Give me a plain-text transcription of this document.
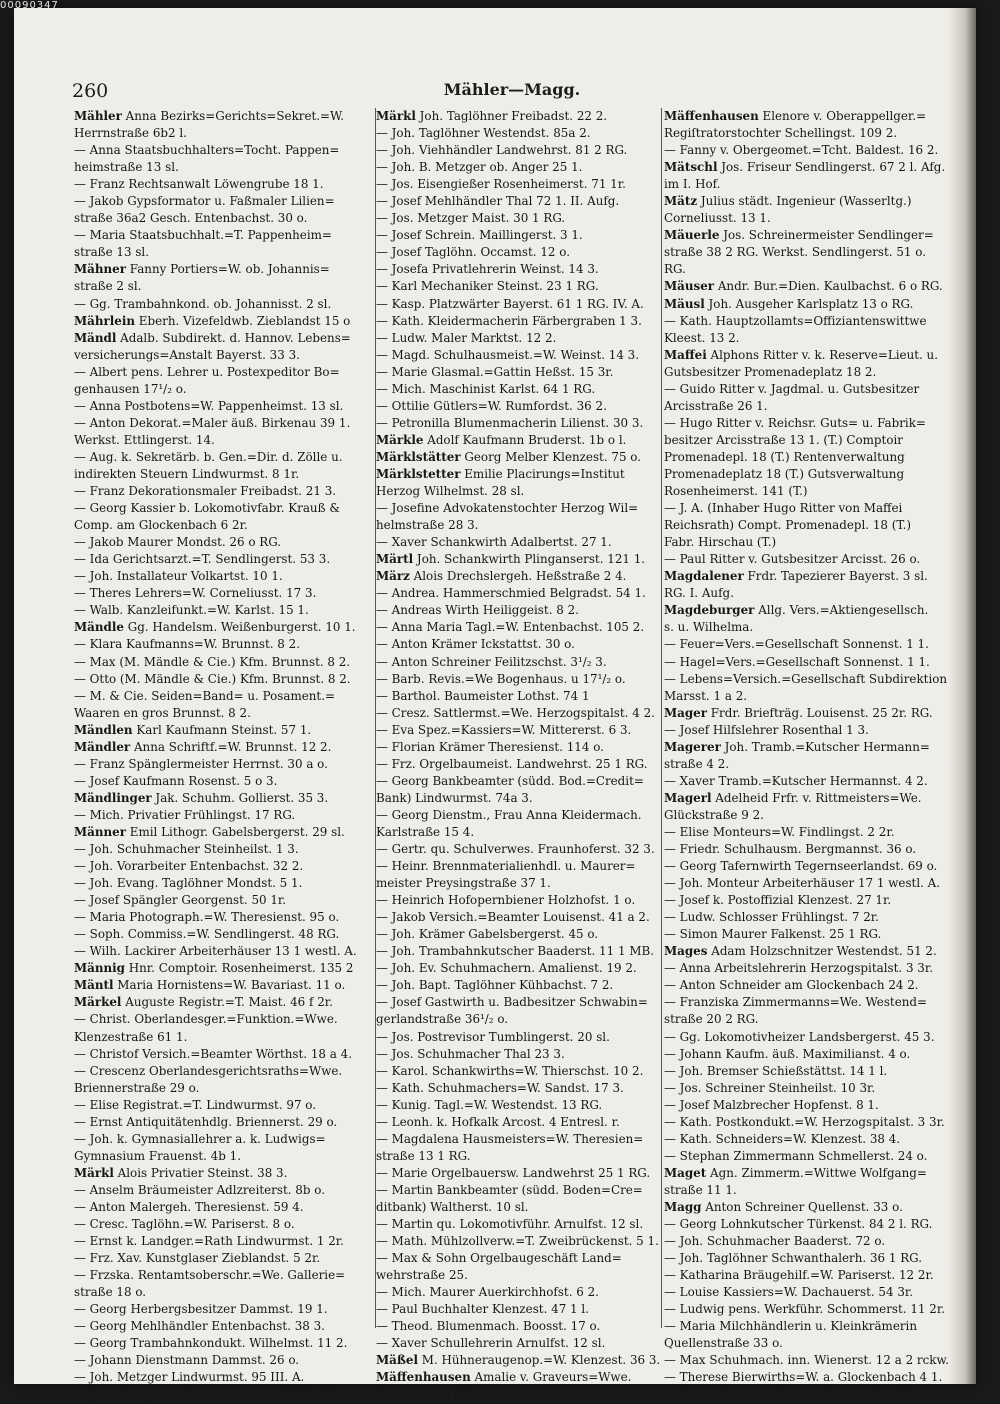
260	Mähler—Magg.
Mähler Anna Bezirks=Gerichts=Sekret.=W.
Herrnstraße 6b2 l.
— Anna Staatsbuchhalters=Tocht. Pappen=
heimstraße 13 sl.
— Franz Rechtsanwalt Löwengrube 18 1.
— Jakob Gypsformator u. Faßmaler Lilien=
straße 36a2 Gesch. Entenbachst. 30 o.
— Maria Staatsbuchhalt.=T. Pappenheim=
straße 13 sl.
Mähner Fanny Portiers=W. ob. Johannis=
straße 2 sl.
— Gg. Trambahnkond. ob. Johannisst. 2 sl.
Mährlein Eberh. Vizefeldwb. Zieblandst 15 o
Mändl Adalb. Subdirekt. d. Hannov. Lebens=
versicherungs=Anstalt Bayerst. 33 3.
— Albert pens. Lehrer u. Postexpeditor Bo=
genhausen 17¹/₂ o.
— Anna Postbotens=W. Pappenheimst. 13 sl.
— Anton Dekorat.=Maler äuß. Birkenau 39 1.
Werkst. Ettlingerst. 14.
— Aug. k. Sekretärb. b. Gen.=Dir. d. Zölle u.
indirekten Steuern Lindwurmst. 8 1r.
— Franz Dekorationsmaler Freibadst. 21 3.
— Georg Kassier b. Lokomotivfabr. Krauß &
Comp. am Glockenbach 6 2r.
— Jakob Maurer Mondst. 26 o RG.
— Ida Gerichtsarzt.=T. Sendlingerst. 53 3.
— Joh. Installateur Volkartst. 10 1.
— Theres Lehrers=W. Corneliusst. 17 3.
— Walb. Kanzleifunkt.=W. Karlst. 15 1.
Mändle Gg. Handelsm. Weißenburgerst. 10 1.
— Klara Kaufmanns=W. Brunnst. 8 2.
— Max (M. Mändle & Cie.) Kfm. Brunnst. 8 2.
— Otto (M. Mändle & Cie.) Kfm. Brunnst. 8 2.
— M. & Cie. Seiden=Band= u. Posament.=
Waaren en gros Brunnst. 8 2.
Mändlen Karl Kaufmann Steinst. 57 1.
Mändler Anna Schriftf.=W. Brunnst. 12 2.
— Franz Spänglermeister Herrnst. 30 a o.
— Josef Kaufmann Rosenst. 5 o 3.
Mändlinger Jak. Schuhm. Gollierst. 35 3.
— Mich. Privatier Frühlingst. 17 RG.
Männer Emil Lithogr. Gabelsbergerst. 29 sl.
— Joh. Schuhmacher Steinheilst. 1 3.
— Joh. Vorarbeiter Entenbachst. 32 2.
— Joh. Evang. Taglöhner Mondst. 5 1.
— Josef Spängler Georgenst. 50 1r.
— Maria Photograph.=W. Theresienst. 95 o.
— Soph. Commiss.=W. Sendlingerst. 48 RG.
— Wilh. Lackirer Arbeiterhäuser 13 1 westl. A.
Männig Hnr. Comptoir. Rosenheimerst. 135 2
Mäntl Maria Hornistens=W. Bavariast. 11 o.
Märkel Auguste Registr.=T. Maist. 46 f 2r.
— Christ. Oberlandesger.=Funktion.=Wwe.
Klenzestraße 61 1.
— Christof Versich.=Beamter Wörthst. 18 a 4.
— Crescenz Oberlandesgerichtsraths=Wwe.
Briennerstraße 29 o.
— Elise Registrat.=T. Lindwurmst. 97 o.
— Ernst Antiquitätenhdlg. Briennerst. 29 o.
— Joh. k. Gymnasiallehrer a. k. Ludwigs=
Gymnasium Frauenst. 4b 1.
Märkl Alois Privatier Steinst. 38 3.
— Anselm Bräumeister Adlzreiterst. 8b o.
— Anton Malergeh. Theresienst. 59 4.
— Cresc. Taglöhn.=W. Pariserst. 8 o.
— Ernst k. Landger.=Rath Lindwurmst. 1 2r.
— Frz. Xav. Kunstglaser Zieblandst. 5 2r.
— Frzska. Rentamtsoberschr.=We. Gallerie=
straße 18 o.
— Georg Herbergsbesitzer Dammst. 19 1.
— Georg Mehlhändler Entenbachst. 38 3.
— Georg Trambahnkondukt. Wilhelmst. 11 2.
— Johann Dienstmann Dammst. 26 o.
— Joh. Metzger Lindwurmst. 95 III. A.
— Joh. Oberjäger Rosenheimerst. 123 2 RG.
Märkl Joh. Taglöhner Freibadst. 22 2.
— Joh. Taglöhner Westendst. 85a 2.
— Joh. Viehhändler Landwehrst. 81 2 RG.
— Joh. B. Metzger ob. Anger 25 1.
— Jos. Eisengießer Rosenheimerst. 71 1r.
— Josef Mehlhändler Thal 72 1. II. Aufg.
— Jos. Metzger Maist. 30 1 RG.
— Josef Schrein. Maillingerst. 3 1.
— Josef Taglöhn. Occamst. 12 o.
— Josefa Privatlehrerin Weinst. 14 3.
— Karl Mechaniker Steinst. 23 1 RG.
— Kasp. Platzwärter Bayerst. 61 1 RG. IV. A.
— Kath. Kleidermacherin Färbergraben 1 3.
— Ludw. Maler Marktst. 12 2.
— Magd. Schulhausmeist.=W. Weinst. 14 3.
— Marie Glasmal.=Gattin Heßst. 15 3r.
— Mich. Maschinist Karlst. 64 1 RG.
— Ottilie Gütlers=W. Rumfordst. 36 2.
— Petronilla Blumenmacherin Lilienst. 30 3.
Märkle Adolf Kaufmann Bruderst. 1b o l.
Märklstätter Georg Melber Klenzest. 75 o.
Märklstetter Emilie Placirungs=Institut
Herzog Wilhelmst. 28 sl.
— Josefine Advokatenstochter Herzog Wil=
helmstraße 28 3.
— Xaver Schankwirth Adalbertst. 27 1.
Märtl Joh. Schankwirth Plinganserst. 121 1.
März Alois Drechslergeh. Heßstraße 2 4.
— Andrea. Hammerschmied Belgradst. 54 1.
— Andreas Wirth Heiliggeist. 8 2.
— Anna Maria Tagl.=W. Entenbachst. 105 2.
— Anton Krämer Ickstattst. 30 o.
— Anton Schreiner Feilitzschst. 3¹/₂ 3.
— Barb. Revis.=We Bogenhaus. u 17¹/₂ o.
— Barthol. Baumeister Lothst. 74 1
— Cresz. Sattlermst.=We. Herzogspitalst. 4 2.
— Eva Spez.=Kassiers=W. Mittererst. 6 3.
— Florian Krämer Theresienst. 114 o.
— Frz. Orgelbaumeist. Landwehrst. 25 1 RG.
— Georg Bankbeamter (südd. Bod.=Credit=
Bank) Lindwurmst. 74a 3.
— Georg Dienstm., Frau Anna Kleidermach.
Karlstraße 15 4.
— Gertr. qu. Schulverwes. Fraunhoferst. 32 3.
— Heinr. Brennmaterialienhdl. u. Maurer=
meister Preysingstraße 37 1.
— Heinrich Hofopernbiener Holzhofst. 1 o.
— Jakob Versich.=Beamter Louisenst. 41 a 2.
— Joh. Krämer Gabelsbergerst. 45 o.
— Joh. Trambahnkutscher Baaderst. 11 1 MB.
— Joh. Ev. Schuhmachern. Amalienst. 19 2.
— Joh. Bapt. Taglöhner Kühbachst. 7 2.
— Josef Gastwirth u. Badbesitzer Schwabin=
gerlandstraße 36¹/₂ o.
— Jos. Postrevisor Tumblingerst. 20 sl.
— Jos. Schuhmacher Thal 23 3.
— Karol. Schankwirths=W. Thierschst. 10 2.
— Kath. Schuhmachers=W. Sandst. 17 3.
— Kunig. Tagl.=W. Westendst. 13 RG.
— Leonh. k. Hofkalk Arcost. 4 Entresl. r.
— Magdalena Hausmeisters=W. Theresien=
straße 13 1 RG.
— Marie Orgelbauersw. Landwehrst 25 1 RG.
— Martin Bankbeamter (südd. Boden=Cre=
ditbank) Waltherst. 10 sl.
— Martin qu. Lokomotivführ. Arnulfst. 12 sl.
— Math. Mühlzollverw.=T. Zweibrückenst. 5 1.
— Max & Sohn Orgelbaugeschäft Land=
wehrstraße 25.
— Mich. Maurer Auerkirchhofst. 6 2.
— Paul Buchhalter Klenzest. 47 1 l.
— Theod. Blumenmach. Boosst. 17 o.
— Xaver Schullehrerin Arnulfst. 12 sl.
Mäßel M. Hühneraugenop.=W. Klenzest. 36 3.
Mäffenhausen Amalie v. Graveurs=Wwe.
Kreuzstraße 8 4.
Mäffenhausen Elenore v. Oberappellger.=
Regiſtratorstochter Schellingst. 109 2.
— Fanny v. Obergeomet.=Tcht. Baldest. 16 2.
Mätschl Jos. Friseur Sendlingerst. 67 2 l. Afg.
im I. Hof.
Mätz Julius städt. Ingenieur (Wasserltg.)
Corneliusst. 13 1.
Mäuerle Jos. Schreinermeister Sendlinger=
straße 38 2 RG. Werkst. Sendlingerst. 51 o.
RG.
Mäuser Andr. Bur.=Dien. Kaulbachst. 6 o RG.
Mäusl Joh. Ausgeher Karlsplatz 13 o RG.
— Kath. Hauptzollamts=Offiziantenswittwe
Kleest. 13 2.
Maffei Alphons Ritter v. k. Reserve=Lieut. u.
Gutsbesitzer Promenadeplatz 18 2.
— Guido Ritter v. Jagdmal. u. Gutsbesitzer
Arcisstraße 26 1.
— Hugo Ritter v. Reichsr. Guts= u. Fabrik=
besitzer Arcisstraße 13 1. (T.) Comptoir
Promenadepl. 18 (T.) Rentenverwaltung
Promenadeplatz 18 (T.) Gutsverwaltung
Rosenheimerst. 141 (T.)
— J. A. (Inhaber Hugo Ritter von Maffei
Reichsrath) Compt. Promenadepl. 18 (T.)
Fabr. Hirschau (T.)
— Paul Ritter v. Gutsbesitzer Arcisst. 26 o.
Magdalener Frdr. Tapezierer Bayerst. 3 sl.
RG. I. Aufg.
Magdeburger Allg. Vers.=Aktiengesellsch.
s. u. Wilhelma.
— Feuer=Vers.=Gesellschaft Sonnenst. 1 1.
— Hagel=Vers.=Gesellschaft Sonnenst. 1 1.
— Lebens=Versich.=Gesellschaft Subdirektion
Marsst. 1 a 2.
Mager Frdr. Briefträg. Louisenst. 25 2r. RG.
— Josef Hilfslehrer Rosenthal 1 3.
Magerer Joh. Tramb.=Kutscher Hermann=
straße 4 2.
— Xaver Tramb.=Kutscher Hermannst. 4 2.
Magerl Adelheid Frfr. v. Rittmeisters=We.
Glückstraße 9 2.
— Elise Monteurs=W. Findlingst. 2 2r.
— Friedr. Schulhausm. Bergmannst. 36 o.
— Georg Tafernwirth Tegernseerlandst. 69 o.
— Joh. Monteur Arbeiterhäuser 17 1 westl. A.
— Josef k. Postoffizial Klenzest. 27 1r.
— Ludw. Schlosser Frühlingst. 7 2r.
— Simon Maurer Falkenst. 25 1 RG.
Mages Adam Holzschnitzer Westendst. 51 2.
— Anna Arbeitslehrerin Herzogspitalst. 3 3r.
— Anton Schneider am Glockenbach 24 2.
— Franziska Zimmermanns=We. Westend=
straße 20 2 RG.
— Gg. Lokomotivheizer Landsbergerst. 45 3.
— Johann Kaufm. äuß. Maximilianst. 4 o.
— Joh. Bremser Schießstättst. 14 1 l.
— Jos. Schreiner Steinheilst. 10 3r.
— Josef Malzbrecher Hopfenst. 8 1.
— Kath. Postkondukt.=W. Herzogspitalst. 3 3r.
— Kath. Schneiders=W. Klenzest. 38 4.
— Stephan Zimmermann Schmellerst. 24 o.
Maget Agn. Zimmerm.=Wittwe Wolfgang=
straße 11 1.
Magg Anton Schreiner Quellenst. 33 o.
— Georg Lohnkutscher Türkenst. 84 2 l. RG.
— Joh. Schuhmacher Baaderst. 72 o.
— Joh. Taglöhner Schwanthalerh. 36 1 RG.
— Katharina Bräugehilf.=W. Pariserst. 12 2r.
— Louise Kassiers=W. Dachauerst. 54 3r.
— Ludwig pens. Werkführ. Schommerst. 11 2r.
— Maria Milchhändlerin u. Kleinkrämerin
Quellenstraße 33 o.
— Max Schuhmach. inn. Wienerst. 12 a 2 rckw.
— Therese Bierwirths=W. a. Glockenbach 4 1.
— Wendelin Holzhdlr. Amalienst. 48 o RG.
00090347
